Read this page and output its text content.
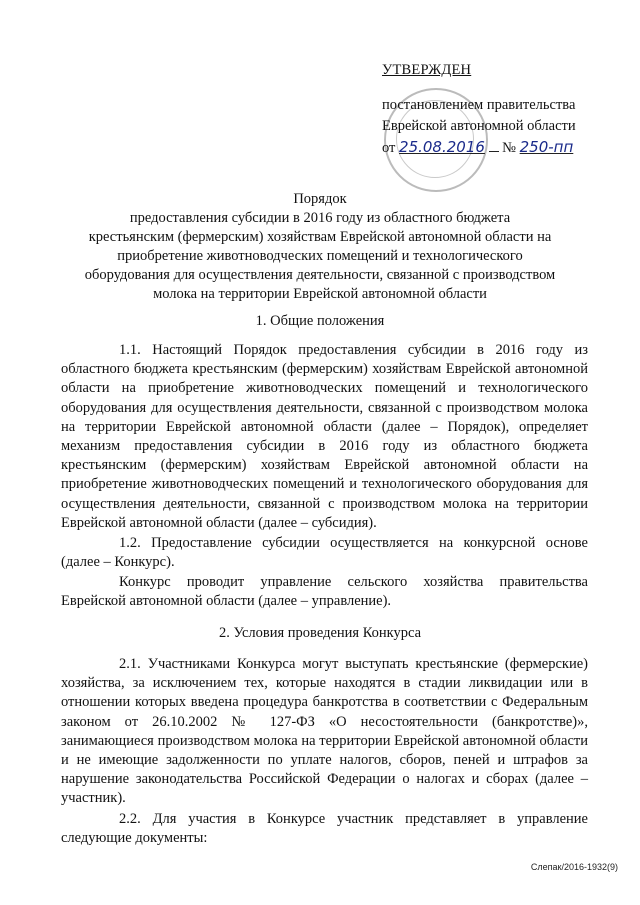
УТВЕРЖДЕН
постановлением правительства
Еврейской автономной области
от 25.08.2016 № 250-пп
Порядок
предоставления субсидии в 2016 году из областного бюджета
крестьянским (фермерским) хозяйствам Еврейской автономной области на
приобретение животноводческих помещений и технологического
оборудования для осуществления деятельности, связанной с производством
молока на территории Еврейской автономной области
1. Общие положения
1.1. Настоящий Порядок предоставления субсидии в 2016 году из областного бюджета крестьянским (фермерским) хозяйствам Еврейской автономной области на приобретение животноводческих помещений и технологического оборудования для осуществления деятельности, связанной с производством молока на территории Еврейской автономной области (далее – Порядок), определяет механизм предоставления субсидии в 2016 году из областного бюджета крестьянским (фермерским) хозяйствам Еврейской автономной области на приобретение животноводческих помещений и технологического оборудования для осуществления деятельности, связанной с производством молока на территории Еврейской автономной области (далее – субсидия).
1.2. Предоставление субсидии осуществляется на конкурсной основе (далее – Конкурс).
Конкурс проводит управление сельского хозяйства правительства Еврейской автономной области (далее – управление).
2. Условия проведения Конкурса
2.1. Участниками Конкурса могут выступать крестьянские (фермерские) хозяйства, за исключением тех, которые находятся в стадии ликвидации или в отношении которых введена процедура банкротства в соответствии с Федеральным законом от 26.10.2002 № 127-ФЗ «О несостоятельности (банкротстве)», занимающиеся производством молока на территории Еврейской автономной области и не имеющие задолженности по уплате налогов, сборов, пеней и штрафов за нарушение законодательства Российской Федерации о налогах и сборах (далее – участник).
2.2. Для участия в Конкурсе участник представляет в управление следующие документы:
Слепак/2016-1932(9)
